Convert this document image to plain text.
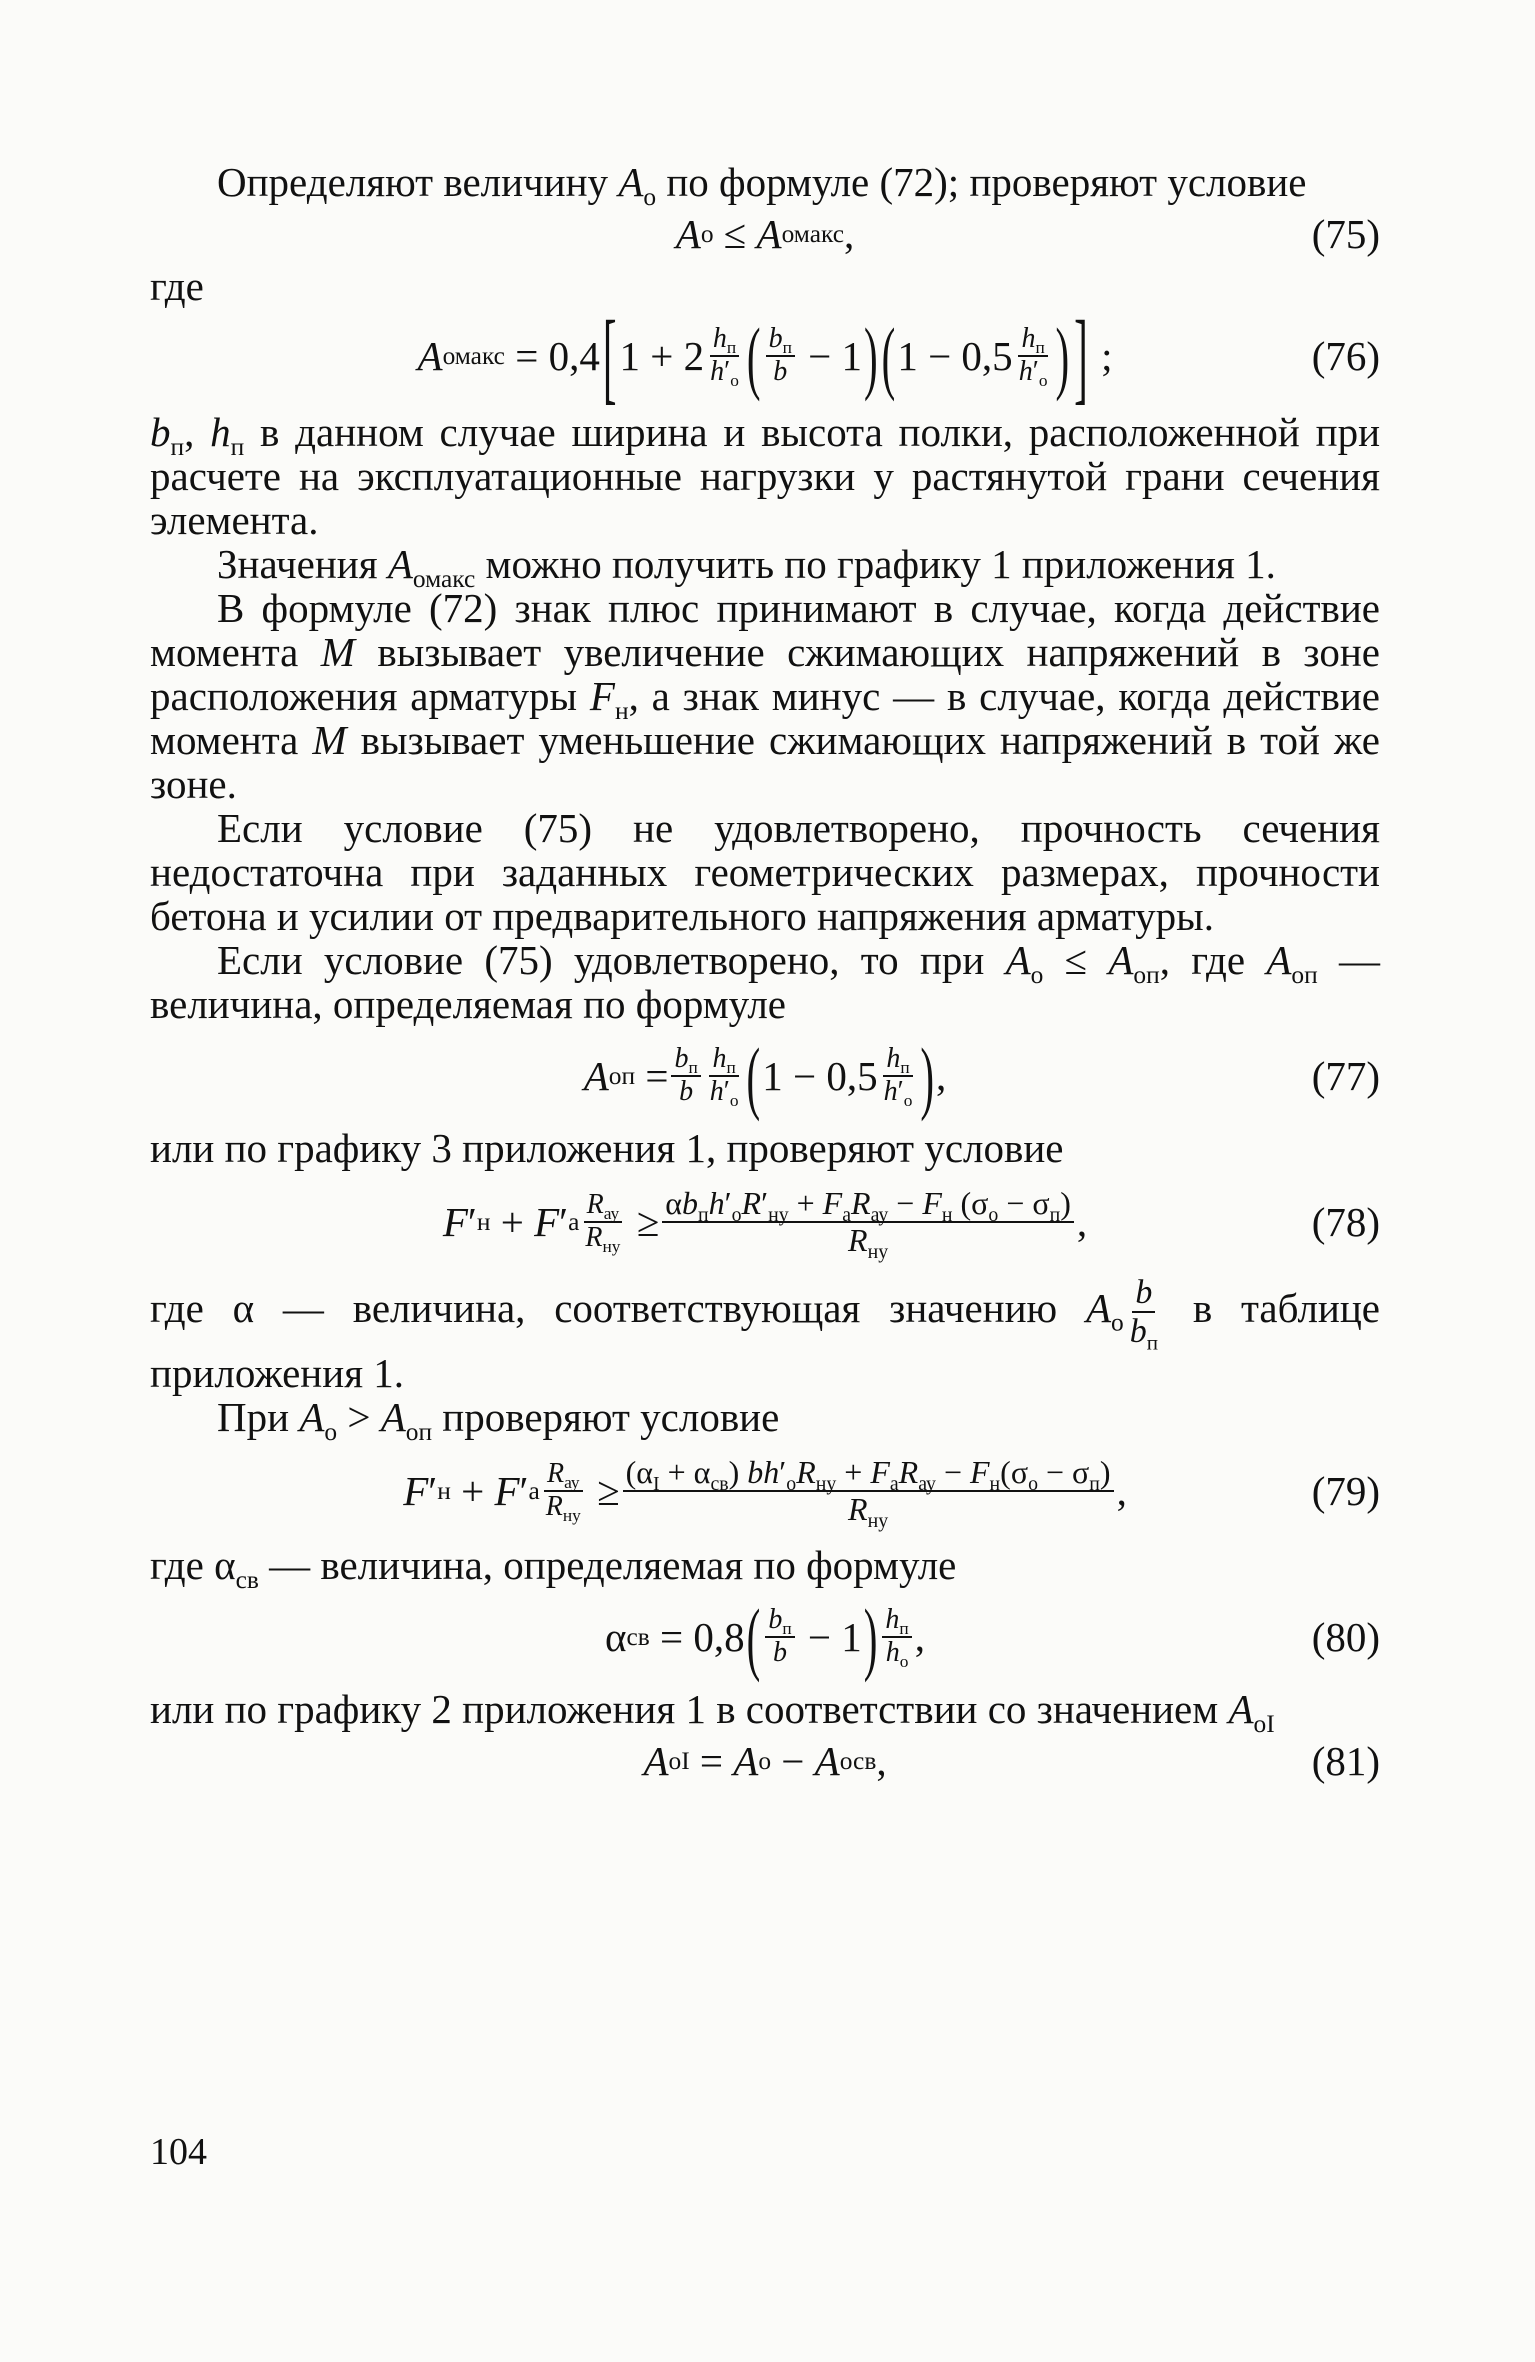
Определяют величину $A_о$ по формуле (72); проверяют условие

A о ≤ A омакс ,	(75)

где

A омакс = 0,4 [ 1 + 2 $h_п$
$h'_о$ ( $b_п$
b − 1 ) ( 1 − 0,5 $h_п$
$h'_о$ ) ] ;	(76)

$b_п$, $h_п$ в данном случае ширина и высота полки, расположенной при расчете на эксплуатационные нагрузки у растянутой грани сечения элемента.

Значения $A_{омакс}$ можно получить по графику 1 приложения 1.

В формуле (72) знак плюс принимают в случае, когда действие момента M вызывает увеличение сжимающих напряжений в зоне расположения арматуры $F_н$, а знак минус — в случае, когда действие момента M вызывает уменьшение сжимающих напряжений в той же зоне.

Если условие (75) не удовлетворено, прочность сечения недостаточна при заданных геометрических размерах, прочности бетона и усилии от предварительного напряжения арматуры.

Если условие (75) удовлетворено, то при $A_о \le A_{оп}$, где $A_{оп}$ — величина, определяемая по формуле

A оп = $b_п$
b
$h_п$
$h'_о$ ( 1 − 0,5 $h_п$
$h'_о$ ) ,	(77)

или по графику 3 приложения 1, проверяют условие

F ′ н + F ′ а
$R_{ау}$
$R_{ну}$
≥ $\alpha b_пh'_оR'_{ну} + F_аR_{ау} - F_н$ $(\sigma_о - \sigma_п)$
$R_{ну}$
,	(78)

где α — величина, соответствующая значению $A_о$
b
$b_п$
в таблице приложения 1.

При $A_о > A_{оп}$ проверяют условие

F ′ н + F ′ а
$R_{ау}$
$R_{ну}$
≥ $(\alpha_I + \alpha_{св}) bh'_оR_{ну} + F_аR_{ау} - F_н(\sigma_о - \sigma_п)$
$R_{ну}$
,	(79)

где $\alpha_{св}$ — величина, определяемая по формуле

α св = 0,8 ( $b_п$
b − 1 ) $h_п$
$h_о$
,	(80)

или по графику 2 приложения 1 в соответствии со значением $A_{оI}$

A оI = A о − A осв ,	(81)
104
